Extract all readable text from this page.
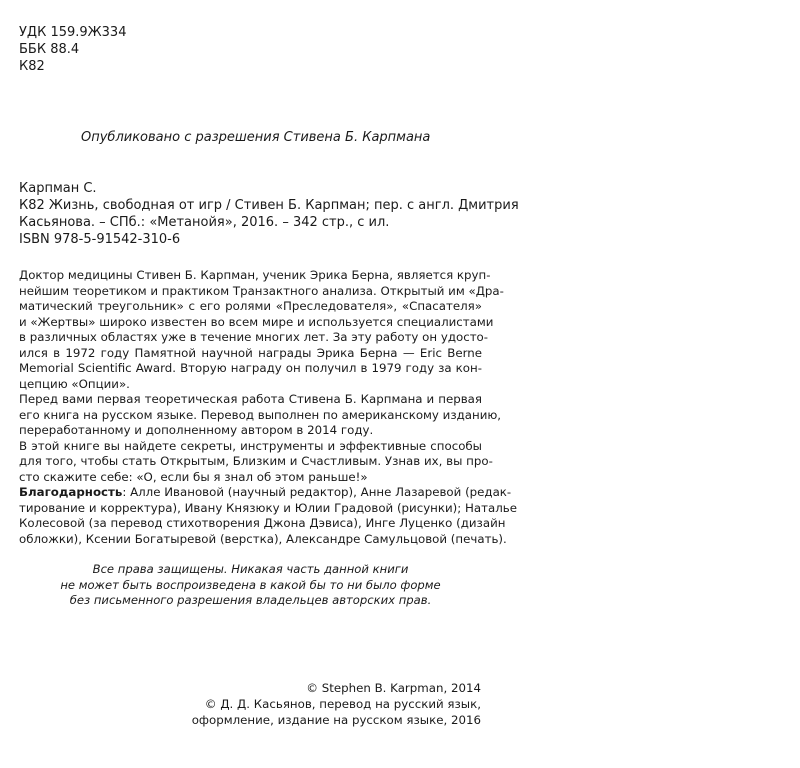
УДК 159.9Ж334
ББК 88.4
К82
Опубликовано с разрешения Стивена Б. Карпмана
Карпман С.
К82 Жизнь, свободная от игр / Стивен Б. Карпман; пер. с англ. Дмитрия
Касьянова. – СПб.: «Метанойя», 2016. – 342 стр., с ил.
ISBN 978-5-91542-310-6
Доктор медицины Стивен Б. Карпман, ученик Эрика Берна, является круп-
нейшим теоретиком и практиком Транзактного анализа. Открытый им «Дра-
матический треугольник» с его ролями «Преследователя», «Спасателя»
и «Жертвы» широко известен во всем мире и используется специалистами
в различных областях уже в течение многих лет. За эту работу он удосто-
ился в 1972 году Памятной научной награды Эрика Берна — Eric Berne
Memorial Scientific Award. Вторую награду он получил в 1979 году за кон-
цепцию «Опции».
Перед вами первая теоретическая работа Стивена Б. Карпмана и первая
его книга на русском языке. Перевод выполнен по американскому изданию,
переработанному и дополненному автором в 2014 году.
В этой книге вы найдете секреты, инструменты и эффективные способы
для того, чтобы стать Открытым, Близким и Счастливым. Узнав их, вы про-
сто скажите себе: «О, если бы я знал об этом раньше!»
Благодарность: Алле Ивановой (научный редактор), Анне Лазаревой (редак-
тирование и корректура), Ивану Князюку и Юлии Градовой (рисунки); Наталье
Колесовой (за перевод стихотворения Джона Дэвиса), Инге Луценко (дизайн
обложки), Ксении Богатыревой (верстка), Александре Самульцовой (печать).
Все права защищены. Никакая часть данной книги
не может быть воспроизведена в какой бы то ни было форме
без письменного разрешения владельцев авторских прав.
© Stephen B. Karpman, 2014
© Д. Д. Касьянов, перевод на русский язык,
оформление, издание на русском языке, 2016
